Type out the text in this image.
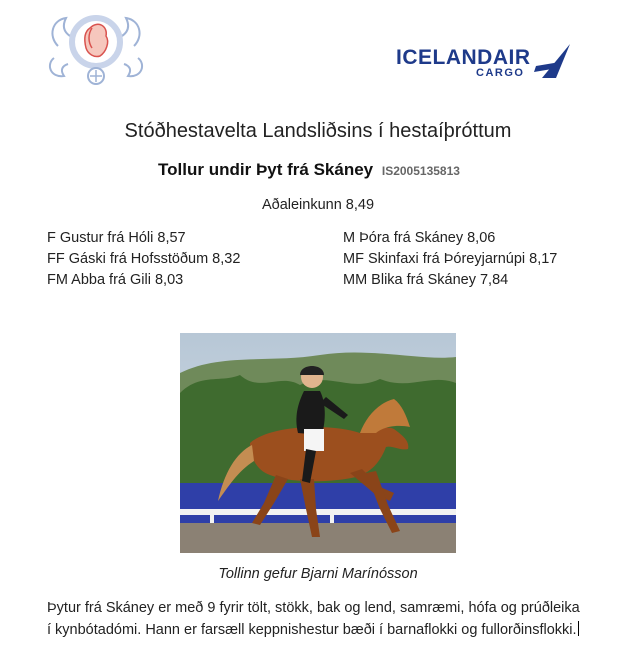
ICELANDAIR
CARGO
Stóðhestavelta Landsliðsins í hestaíþróttum
Tollur undir Þyt frá Skáney IS2005135813
Aðaleinkunn 8,49
F Gustur frá Hóli 8,57
FF Gáski frá Hofsstöðum 8,32
FM Abba frá Gili 8,03
M Þóra frá Skáney 8,06
MF Skinfaxi frá Þóreyjarnúpi 8,17
MM Blika frá Skáney 7,84
Tollinn gefur Bjarni Marínósson
Þytur frá Skáney er með 9 fyrir tölt, stökk, bak og lend, samræmi, hófa og prúðleika í kynbótadómi. Hann er farsæll keppnishestur bæði í barnaflokki og fullorðinsflokki.
